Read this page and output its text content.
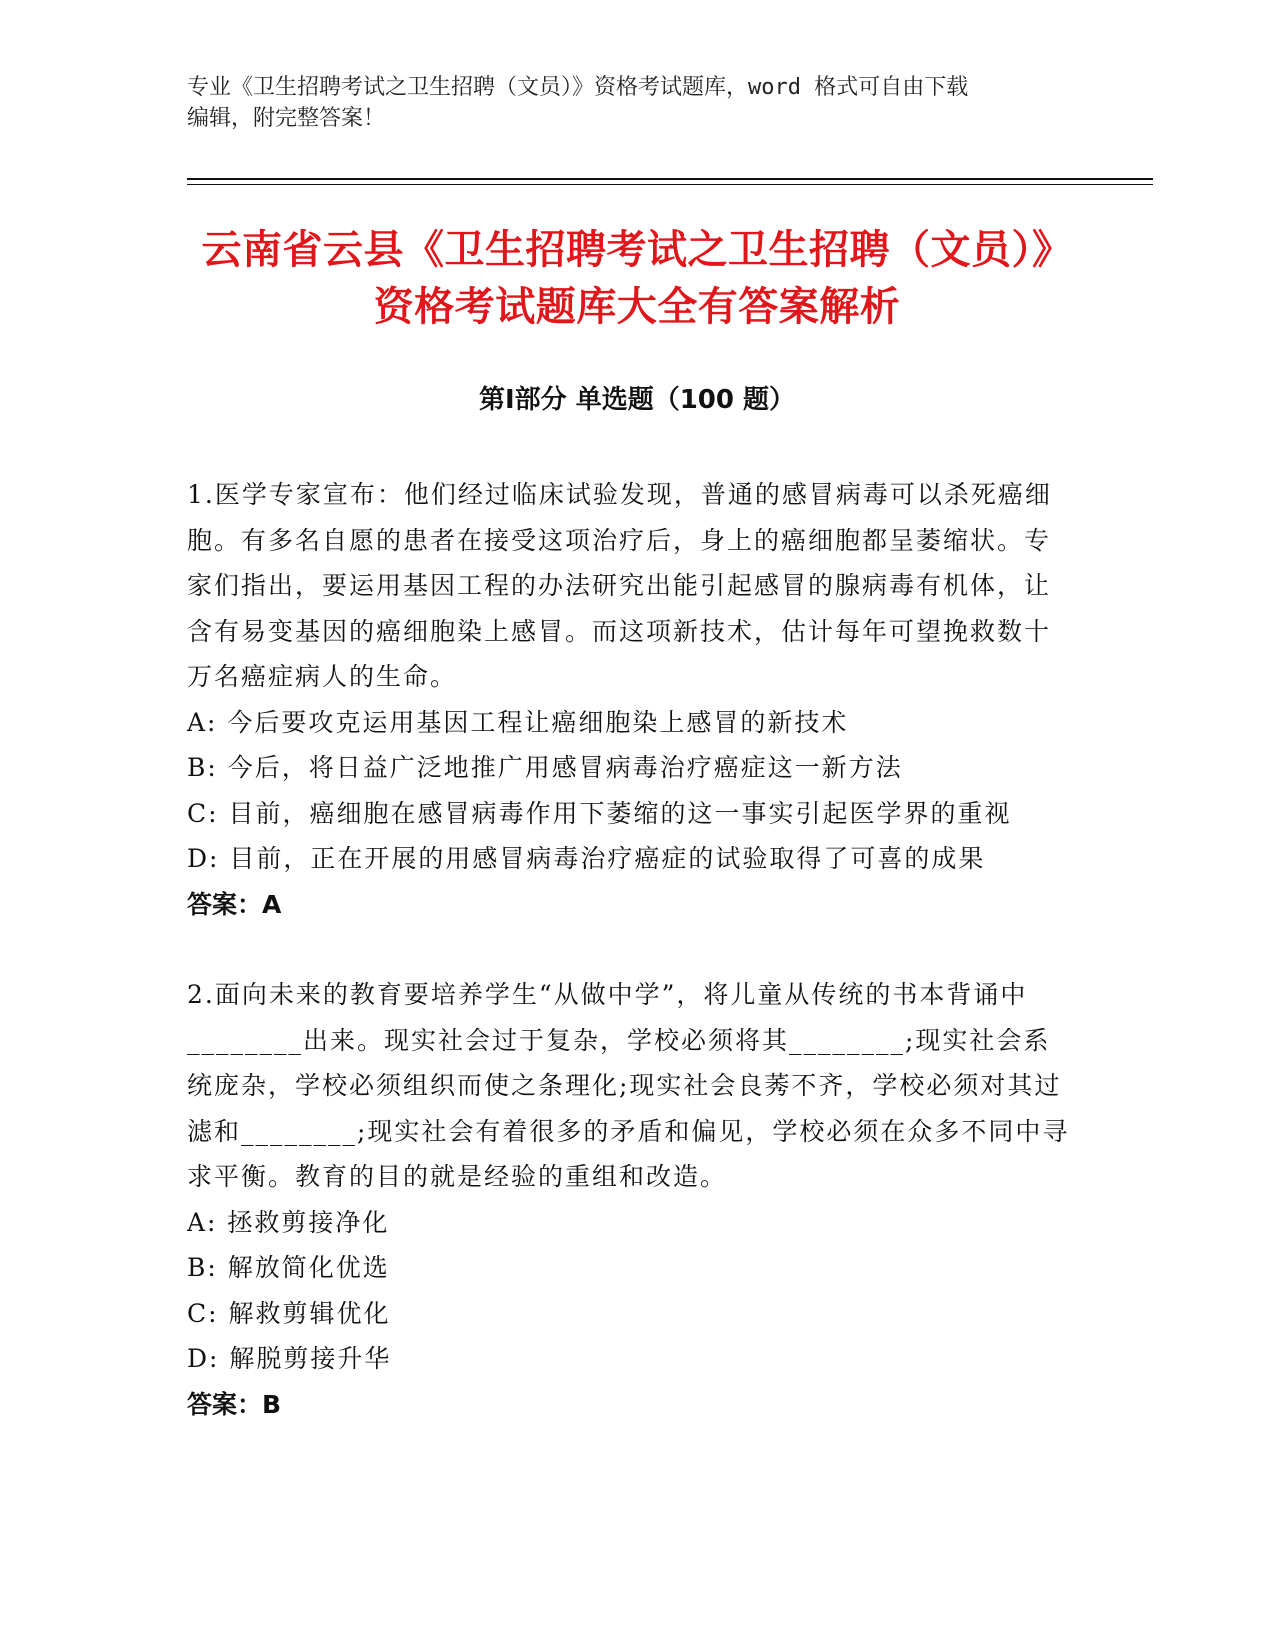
专业《卫生招聘考试之卫生招聘（文员）》资格考试题库，word 格式可自由下载
编辑，附完整答案！
云南省云县《卫生招聘考试之卫生招聘（文员）》资格考试题库大全有答案解析
第Ⅰ部分 单选题（100 题）

1.医学专家宣布：他们经过临床试验发现，普通的感冒病毒可以杀死癌细胞。有多名自愿的患者在接受这项治疗后，身上的癌细胞都呈萎缩状。专家们指出，要运用基因工程的办法研究出能引起感冒的腺病毒有机体，让含有易变基因的癌细胞染上感冒。而这项新技术，估计每年可望挽救数十万名癌症病人的生命。

A: 今后要攻克运用基因工程让癌细胞染上感冒的新技术

B: 今后，将日益广泛地推广用感冒病毒治疗癌症这一新方法

C: 目前，癌细胞在感冒病毒作用下萎缩的这一事实引起医学界的重视

D: 目前，正在开展的用感冒病毒治疗癌症的试验取得了可喜的成果

答案：A

2.面向未来的教育要培养学生“从做中学”，将儿童从传统的书本背诵中________出来。现实社会过于复杂，学校必须将其________;现实社会系统庞杂，学校必须组织而使之条理化;现实社会良莠不齐，学校必须对其过滤和________;现实社会有着很多的矛盾和偏见，学校必须在众多不同中寻求平衡。教育的目的就是经验的重组和改造。

A: 拯救剪接净化

B: 解放简化优选

C: 解救剪辑优化

D: 解脱剪接升华

答案：B
